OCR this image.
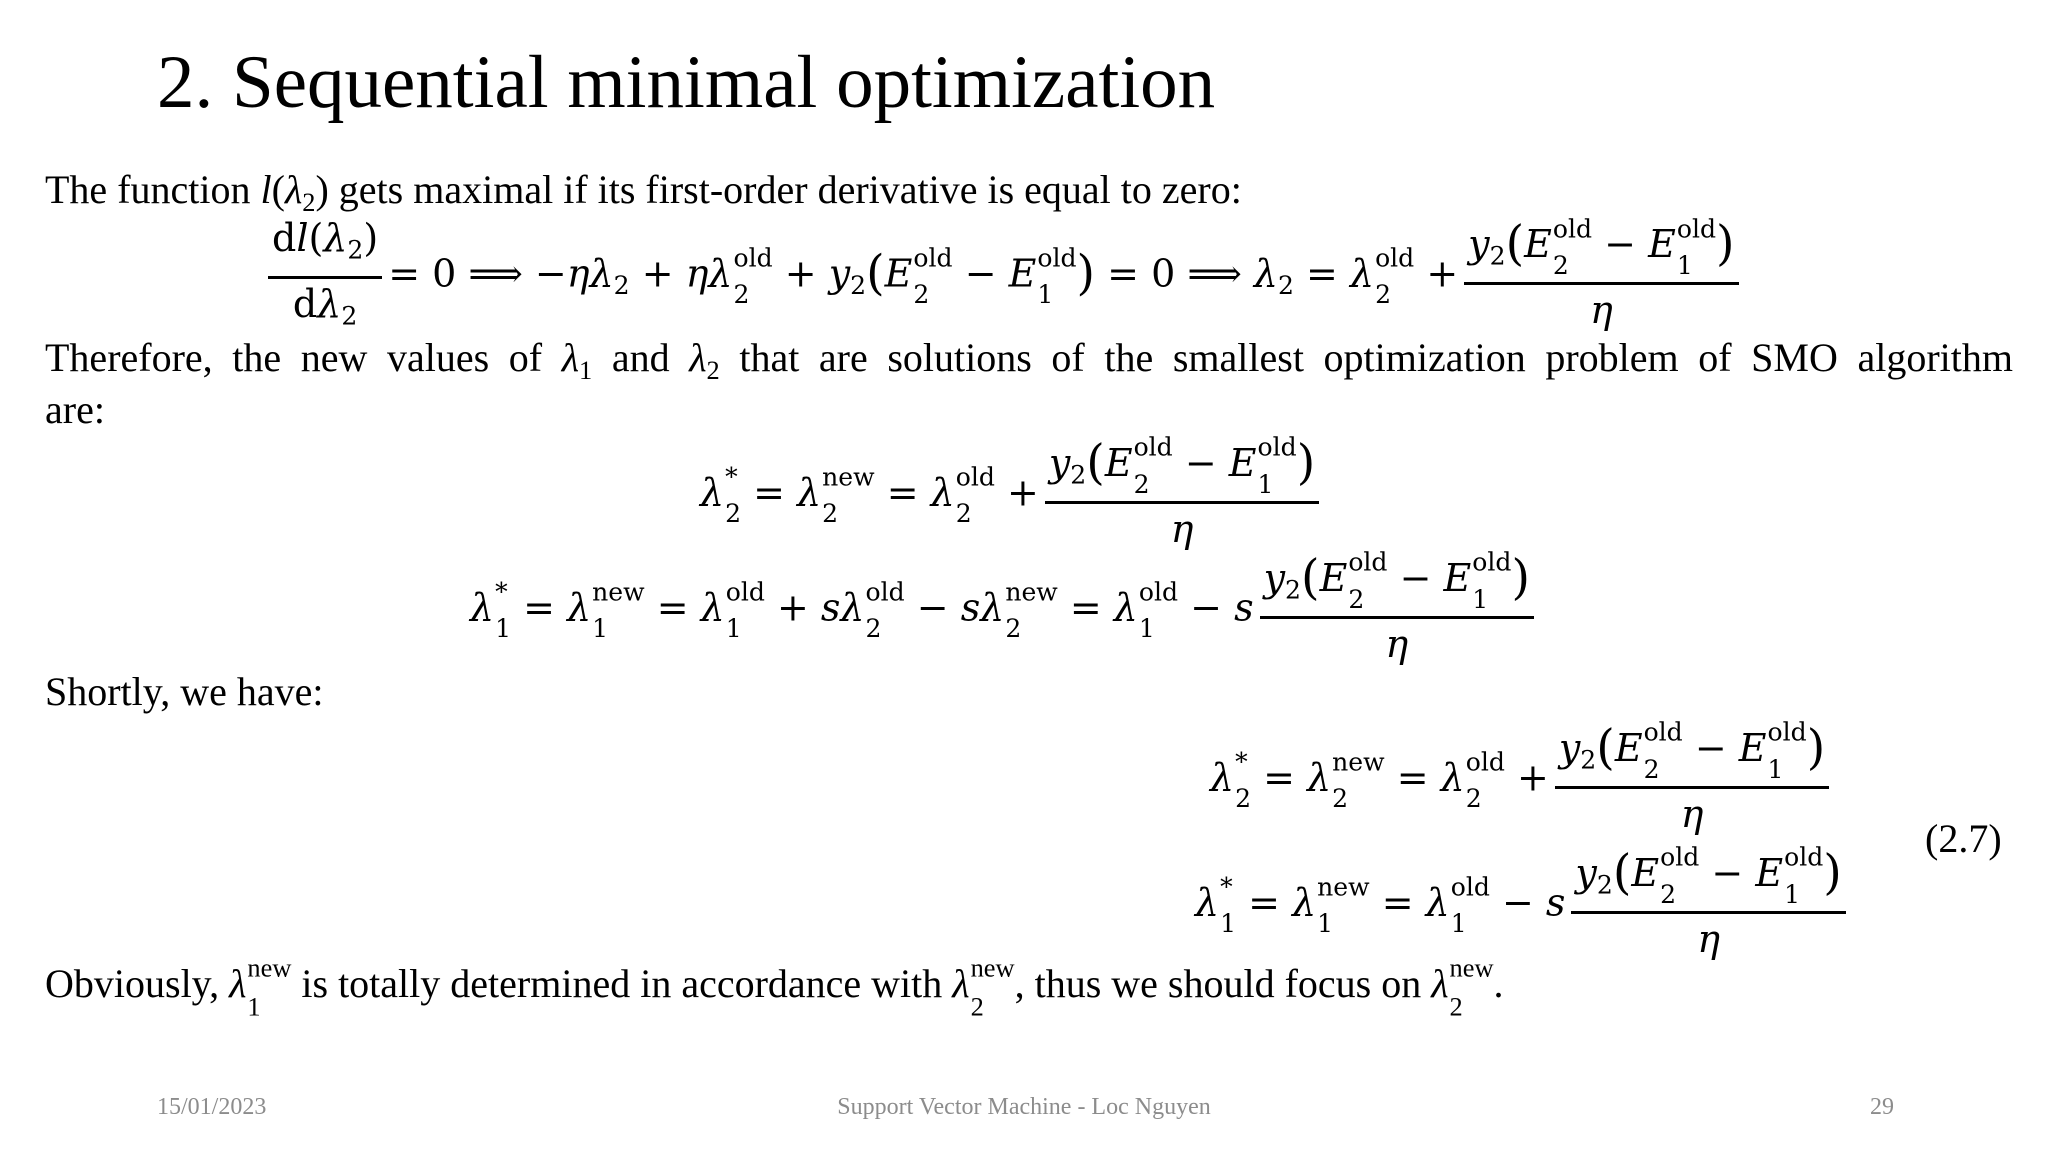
2. Sequential minimal optimization
The function $l(\lambda_2)$ gets maximal if its first-order derivative is equal to zero:
$\frac{dl(\lambda_2)}{d\lambda_2} = 0$ ⟹ $-\eta\lambda_2 + \eta\lambda$ old
$2 + y_2(E$ old
2 − E old
1 ) = 0 ⟹ $\lambda_2 = \lambda$ old
$2 + y_2(E$ old
2 − E old
1 )
η
Therefore, the new values of $\lambda_1$ and $\lambda_2$ that are solutions of the smallest optimization problem of SMO algorithm
are:
λ *
2 = λ new
2 = λ old
$2 + y_2(E$ old
2 − E old
1 )
η
λ *
1 = λ new
1 = λ old
1 + sλ old
2 − sλ new
2 = λ old
1 − s $y_2(E$ old
2 − E old
1 )
η
Shortly, we have:
λ *
2 = λ new
2 = λ old
$2 + y_2(E$ old
2 − E old
1 )
η
(2.7)
λ *
1 = λ new
1 = λ old
1 − s $y_2(E$ old
2 − E old
1 )
η
Obviously, λ new
1
is totally determined in accordance with λ new
2
, thus we should focus on λ new
2
.
15/01/2023	Support Vector Machine - Loc Nguyen	29
